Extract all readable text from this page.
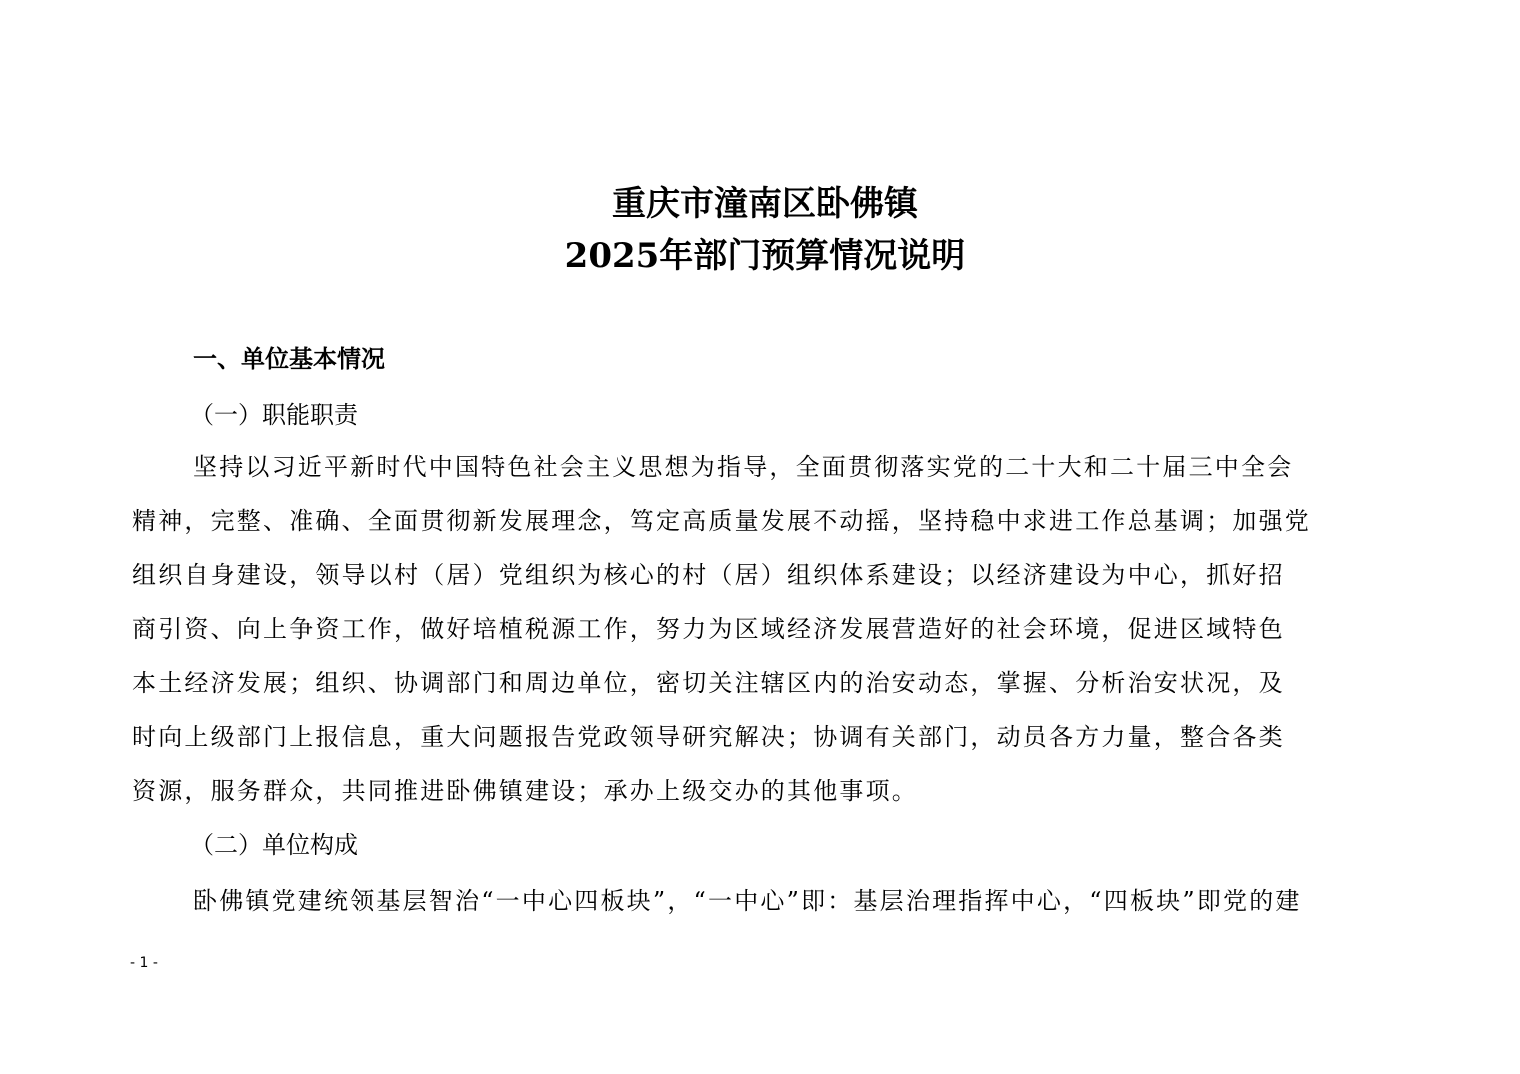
重庆市潼南区卧佛镇
2025年部门预算情况说明
一、单位基本情况
（一）职能职责
坚持以习近平新时代中国特色社会主义思想为指导，全面贯彻落实党的二十大和二十届三中全会
精神，完整、准确、全面贯彻新发展理念，笃定高质量发展不动摇，坚持稳中求进工作总基调；加强党
组织自身建设，领导以村（居）党组织为核心的村（居）组织体系建设；以经济建设为中心，抓好招
商引资、向上争资工作，做好培植税源工作，努力为区域经济发展营造好的社会环境，促进区域特色
本土经济发展；组织、协调部门和周边单位，密切关注辖区内的治安动态，掌握、分析治安状况，及
时向上级部门上报信息，重大问题报告党政领导研究解决；协调有关部门，动员各方力量，整合各类
资源，服务群众，共同推进卧佛镇建设；承办上级交办的其他事项。
（二）单位构成
卧佛镇党建统领基层智治“一中心四板块”，“一中心”即：基层治理指挥中心，“四板块”即党的建
- 1 -
